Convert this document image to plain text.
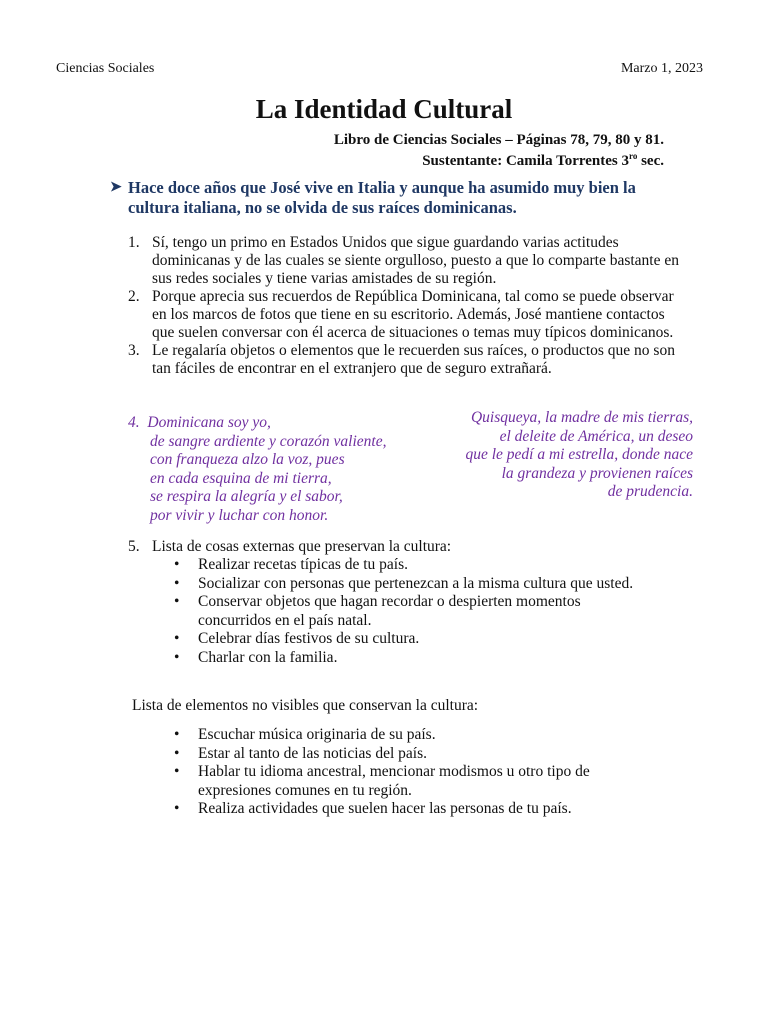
Ciencias Sociales	Marzo 1, 2023
La Identidad Cultural
Libro de Ciencias Sociales – Páginas 78, 79, 80 y 81.
Sustentante: Camila Torrentes $3^{ro}$ sec.
➤ Hace doce años que José vive en Italia y aunque ha asumido muy bien la cultura italiana, no se olvida de sus raíces dominicanas.
1. Sí, tengo un primo en Estados Unidos que sigue guardando varias actitudes dominicanas y de las cuales se siente orgulloso, puesto a que lo comparte bastante en sus redes sociales y tiene varias amistades de su región.
2. Porque aprecia sus recuerdos de República Dominicana, tal como se puede observar en los marcos de fotos que tiene en su escritorio. Además, José mantiene contactos que suelen conversar con él acerca de situaciones o temas muy típicos dominicanos.
3. Le regalaría objetos o elementos que le recuerden sus raíces, o productos que no son tan fáciles de encontrar en el extranjero que de seguro extrañará.
4. Dominicana soy yo,
de sangre ardiente y corazón valiente,
con franqueza alzo la voz, pues
en cada esquina de mi tierra,
se respira la alegría y el sabor,
por vivir y luchar con honor.
Quisqueya, la madre de mis tierras,
el deleite de América, un deseo
que le pedí a mi estrella, donde nace
la grandeza y provienen raíces
de prudencia.
5. Lista de cosas externas que preservan la cultura:
•	Realizar recetas típicas de tu país.
•	Socializar con personas que pertenezcan a la misma cultura que usted.
•	Conservar objetos que hagan recordar o despierten momentos concurridos en el país natal.
•	Celebrar días festivos de su cultura.
•	Charlar con la familia.
Lista de elementos no visibles que conservan la cultura:
•	Escuchar música originaria de su país.
•	Estar al tanto de las noticias del país.
•	Hablar tu idioma ancestral, mencionar modismos u otro tipo de expresiones comunes en tu región.
•	Realiza actividades que suelen hacer las personas de tu país.
